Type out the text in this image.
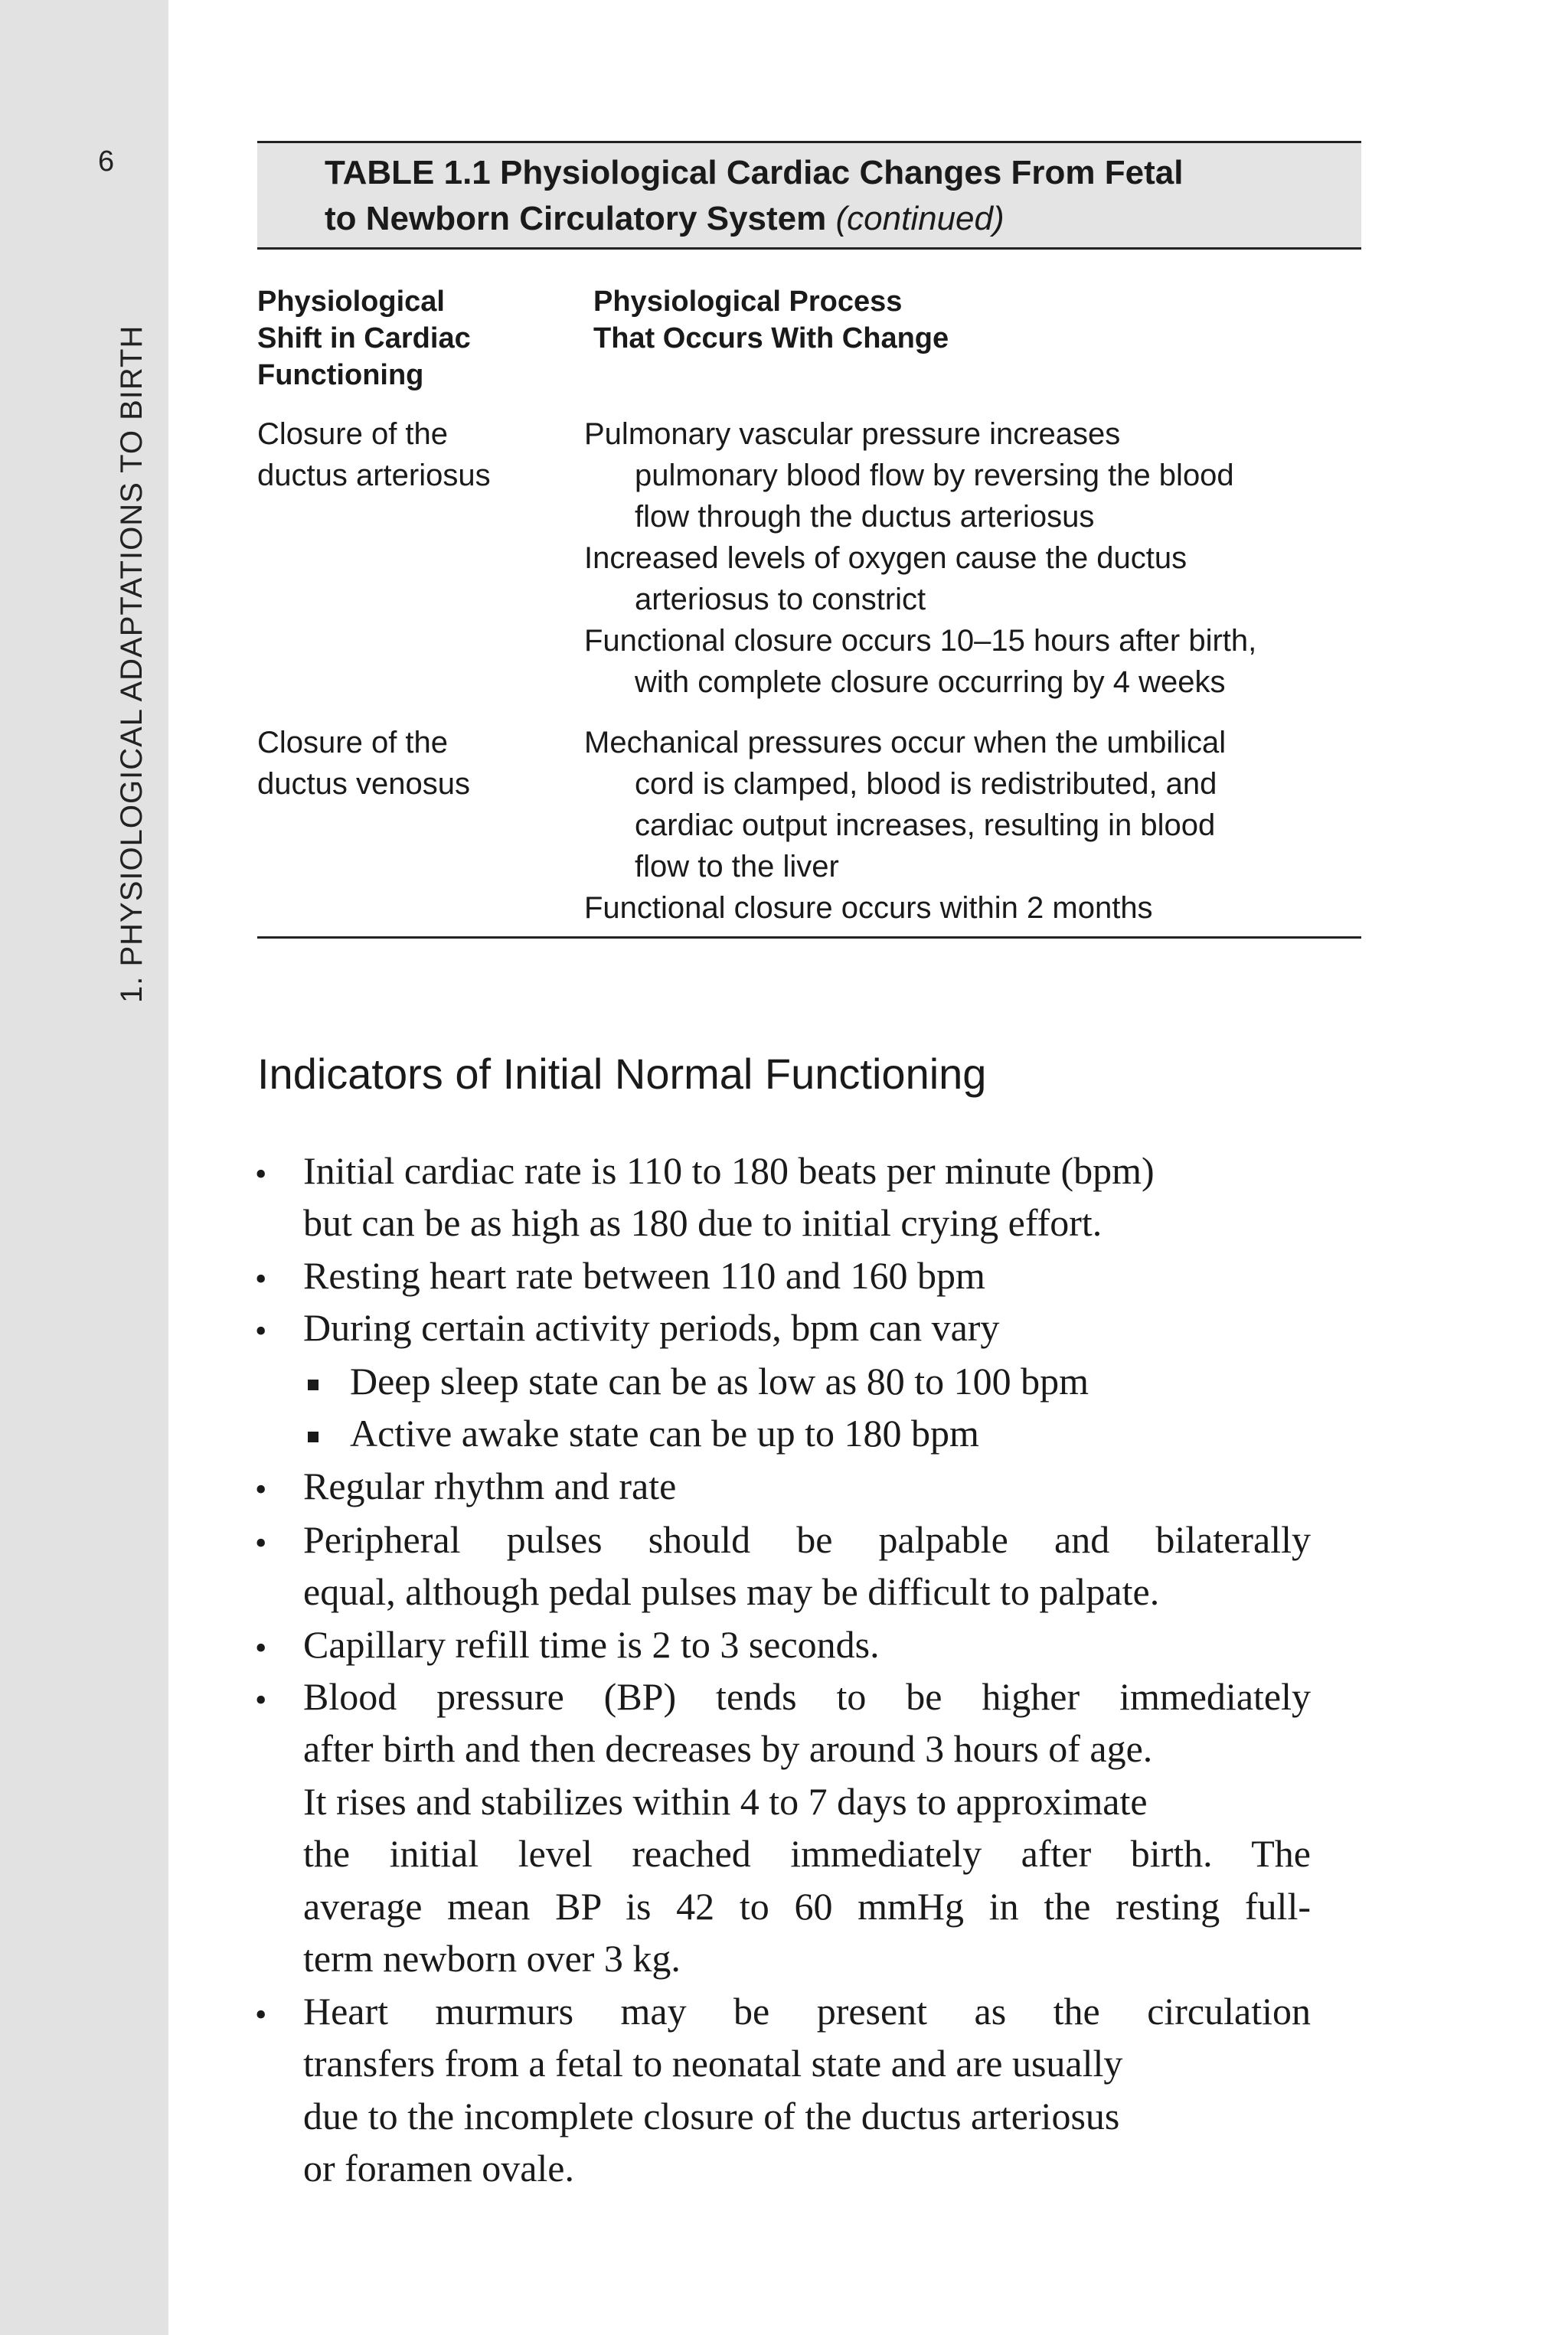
6
1. PHYSIOLOGICAL ADAPTATIONS TO BIRTH
TABLE 1.1 Physiological Cardiac Changes From Fetal
to Newborn Circulatory System (continued)
Physiological
Shift in Cardiac
Functioning
Physiological Process
That Occurs With Change
Closure of the
ductus arteriosus
Pulmonary vascular pressure increases
pulmonary blood flow by reversing the blood
flow through the ductus arteriosus
Increased levels of oxygen cause the ductus
arteriosus to constrict
Functional closure occurs 10–15 hours after birth,
with complete closure occurring by 4 weeks
Closure of the
ductus venosus
Mechanical pressures occur when the umbilical
cord is clamped, blood is redistributed, and
cardiac output increases, resulting in blood
flow to the liver
Functional closure occurs within 2 months
Indicators of Initial Normal Functioning
• Initial cardiac rate is 110 to 180 beats per minute (bpm)
but can be as high as 180 due to initial crying effort.
• Resting heart rate between 110 and 160 bpm
• During certain activity periods, bpm can vary
Deep sleep state can be as low as 80 to 100 bpm
Active awake state can be up to 180 bpm
• Regular rhythm and rate
• Peripheral pulses should be palpable and bilaterally
equal, although pedal pulses may be difficult to palpate.
• Capillary refill time is 2 to 3 seconds.
• Blood pressure (BP) tends to be higher immediately
after birth and then decreases by around 3 hours of age.
It rises and stabilizes within 4 to 7 days to approximate
the initial level reached immediately after birth. The
average mean BP is 42 to 60 mmHg in the resting full-
term newborn over 3 kg.
• Heart murmurs may be present as the circulation
transfers from a fetal to neonatal state and are usually
due to the incomplete closure of the ductus arteriosus
or foramen ovale.
